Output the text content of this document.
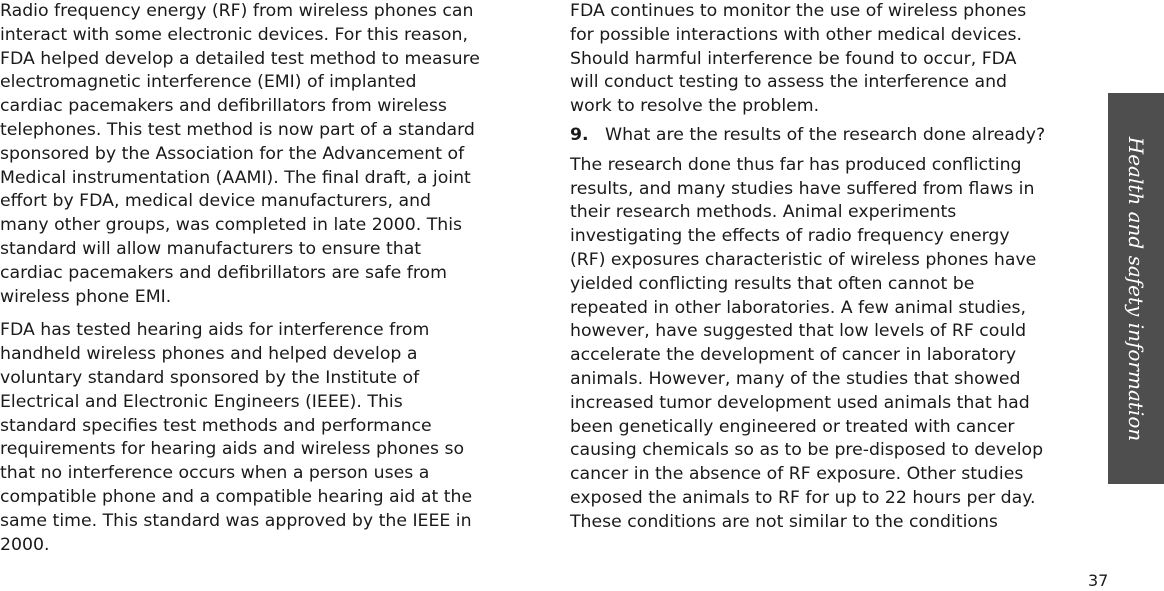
Radio frequency energy (RF) from wireless phones can
interact with some electronic devices. For this reason,
FDA helped develop a detailed test method to measure
electromagnetic interference (EMI) of implanted
cardiac pacemakers and defibrillators from wireless
telephones. This test method is now part of a standard
sponsored by the Association for the Advancement of
Medical instrumentation (AAMI). The final draft, a joint
effort by FDA, medical device manufacturers, and
many other groups, was completed in late 2000. This
standard will allow manufacturers to ensure that
cardiac pacemakers and defibrillators are safe from
wireless phone EMI.

FDA has tested hearing aids for interference from
handheld wireless phones and helped develop a
voluntary standard sponsored by the Institute of
Electrical and Electronic Engineers (IEEE). This
standard specifies test methods and performance
requirements for hearing aids and wireless phones so
that no interference occurs when a person uses a
compatible phone and a compatible hearing aid at the
same time. This standard was approved by the IEEE in
2000.

FDA continues to monitor the use of wireless phones
for possible interactions with other medical devices.
Should harmful interference be found to occur, FDA
will conduct testing to assess the interference and
work to resolve the problem.

9. What are the results of the research done already?

The research done thus far has produced conflicting
results, and many studies have suffered from flaws in
their research methods. Animal experiments
investigating the effects of radio frequency energy
(RF) exposures characteristic of wireless phones have
yielded conflicting results that often cannot be
repeated in other laboratories. A few animal studies,
however, have suggested that low levels of RF could
accelerate the development of cancer in laboratory
animals. However, many of the studies that showed
increased tumor development used animals that had
been genetically engineered or treated with cancer
causing chemicals so as to be pre-disposed to develop
cancer in the absence of RF exposure. Other studies
exposed the animals to RF for up to 22 hours per day.
These conditions are not similar to the conditions

Health and safety information
37
